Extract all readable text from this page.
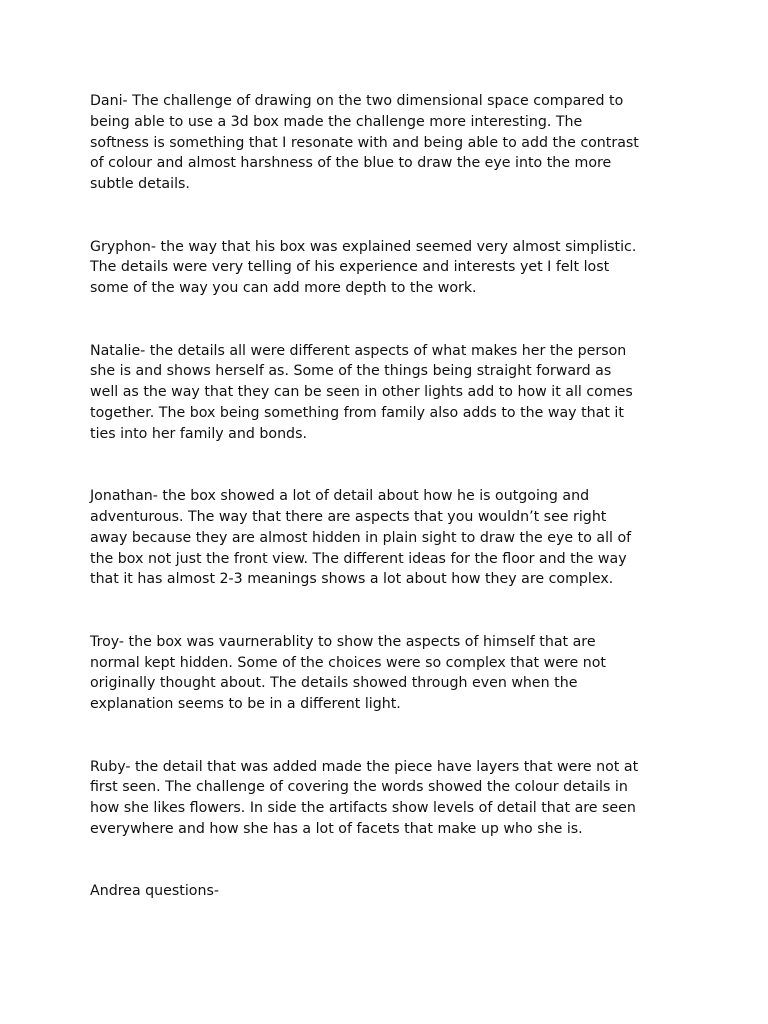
Dani- The challenge of drawing on the two dimensional space compared to
being able to use a 3d box made the challenge more interesting. The
softness is something that I resonate with and being able to add the contrast
of colour and almost harshness of the blue to draw the eye into the more
subtle details.

Gryphon- the way that his box was explained seemed very almost simplistic.
The details were very telling of his experience and interests yet I felt lost
some of the way you can add more depth to the work.

Natalie- the details all were different aspects of what makes her the person
she is and shows herself as. Some of the things being straight forward as
well as the way that they can be seen in other lights add to how it all comes
together. The box being something from family also adds to the way that it
ties into her family and bonds.

Jonathan- the box showed a lot of detail about how he is outgoing and
adventurous. The way that there are aspects that you wouldn’t see right
away because they are almost hidden in plain sight to draw the eye to all of
the box not just the front view. The different ideas for the floor and the way
that it has almost 2-3 meanings shows a lot about how they are complex.

Troy- the box was vaurnerablity to show the aspects of himself that are
normal kept hidden. Some of the choices were so complex that were not
originally thought about. The details showed through even when the
explanation seems to be in a different light.

Ruby- the detail that was added made the piece have layers that were not at
first seen. The challenge of covering the words showed the colour details in
how she likes flowers. In side the artifacts show levels of detail that are seen
everywhere and how she has a lot of facets that make up who she is.

Andrea questions-
